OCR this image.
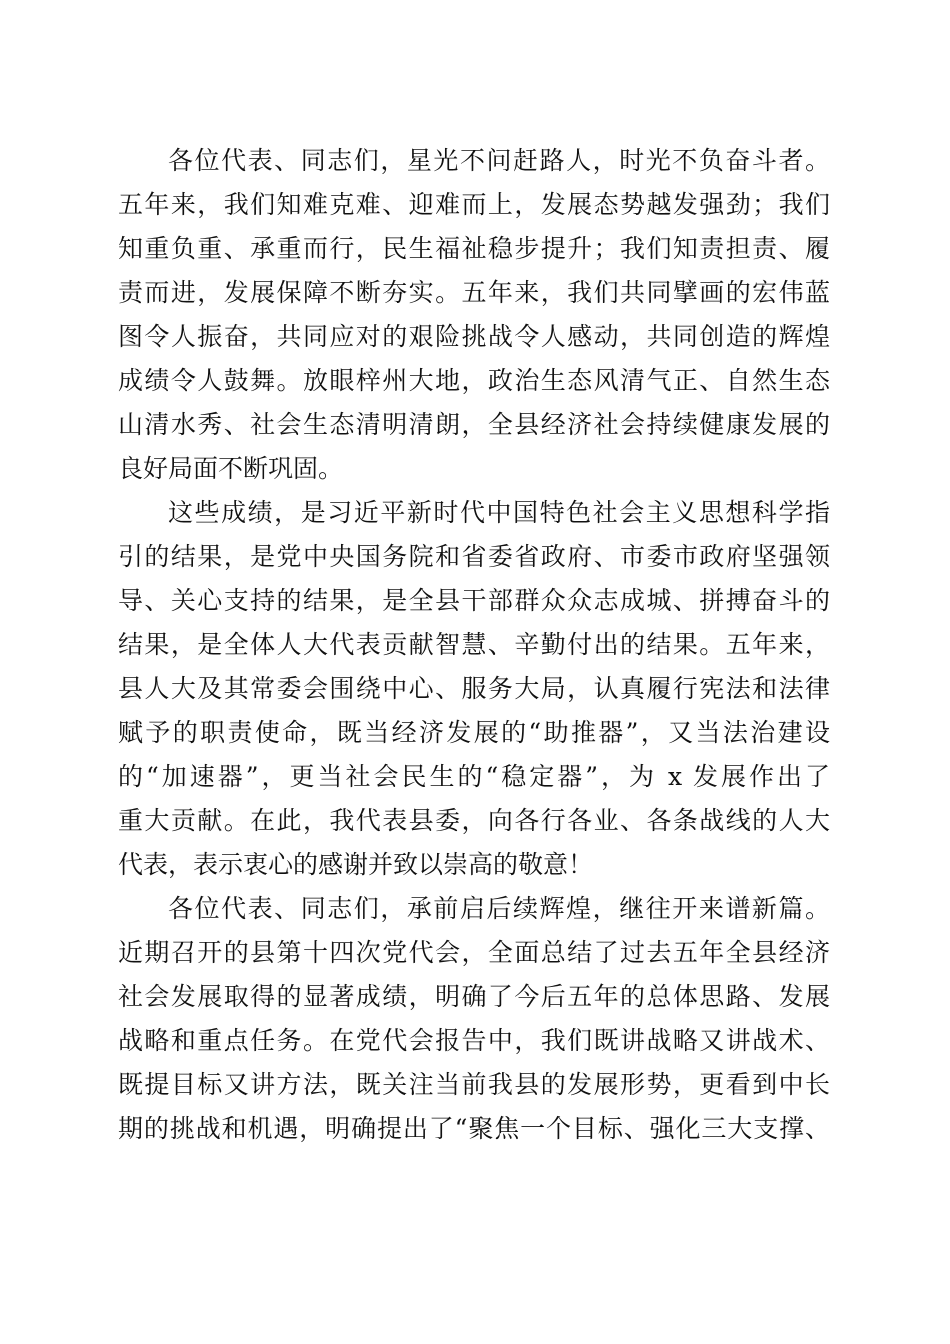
各位代表、同志们，星光不问赶路人，时光不负奋斗者。
五年来，我们知难克难、迎难而上，发展态势越发强劲；我们
知重负重、承重而行，民生福祉稳步提升；我们知责担责、履
责而进，发展保障不断夯实。五年来，我们共同擘画的宏伟蓝
图令人振奋，共同应对的艰险挑战令人感动，共同创造的辉煌
成绩令人鼓舞。放眼梓州大地，政治生态风清气正、自然生态
山清水秀、社会生态清明清朗，全县经济社会持续健康发展的
良好局面不断巩固。
这些成绩，是习近平新时代中国特色社会主义思想科学指
引的结果，是党中央国务院和省委省政府、市委市政府坚强领
导、关心支持的结果，是全县干部群众众志成城、拼搏奋斗的
结果，是全体人大代表贡献智慧、辛勤付出的结果。五年来，
县人大及其常委会围绕中心、服务大局，认真履行宪法和法律
赋予的职责使命，既当经济发展的“助推器”，又当法治建设
的“加速器”，更当社会民生的“稳定器”，为 x 发展作出了
重大贡献。在此，我代表县委，向各行各业、各条战线的人大
代表，表示衷心的感谢并致以崇高的敬意！
各位代表、同志们，承前启后续辉煌，继往开来谱新篇。
近期召开的县第十四次党代会，全面总结了过去五年全县经济
社会发展取得的显著成绩，明确了今后五年的总体思路、发展
战略和重点任务。在党代会报告中，我们既讲战略又讲战术、
既提目标又讲方法，既关注当前我县的发展形势，更看到中长
期的挑战和机遇，明确提出了“聚焦一个目标、强化三大支撑、
